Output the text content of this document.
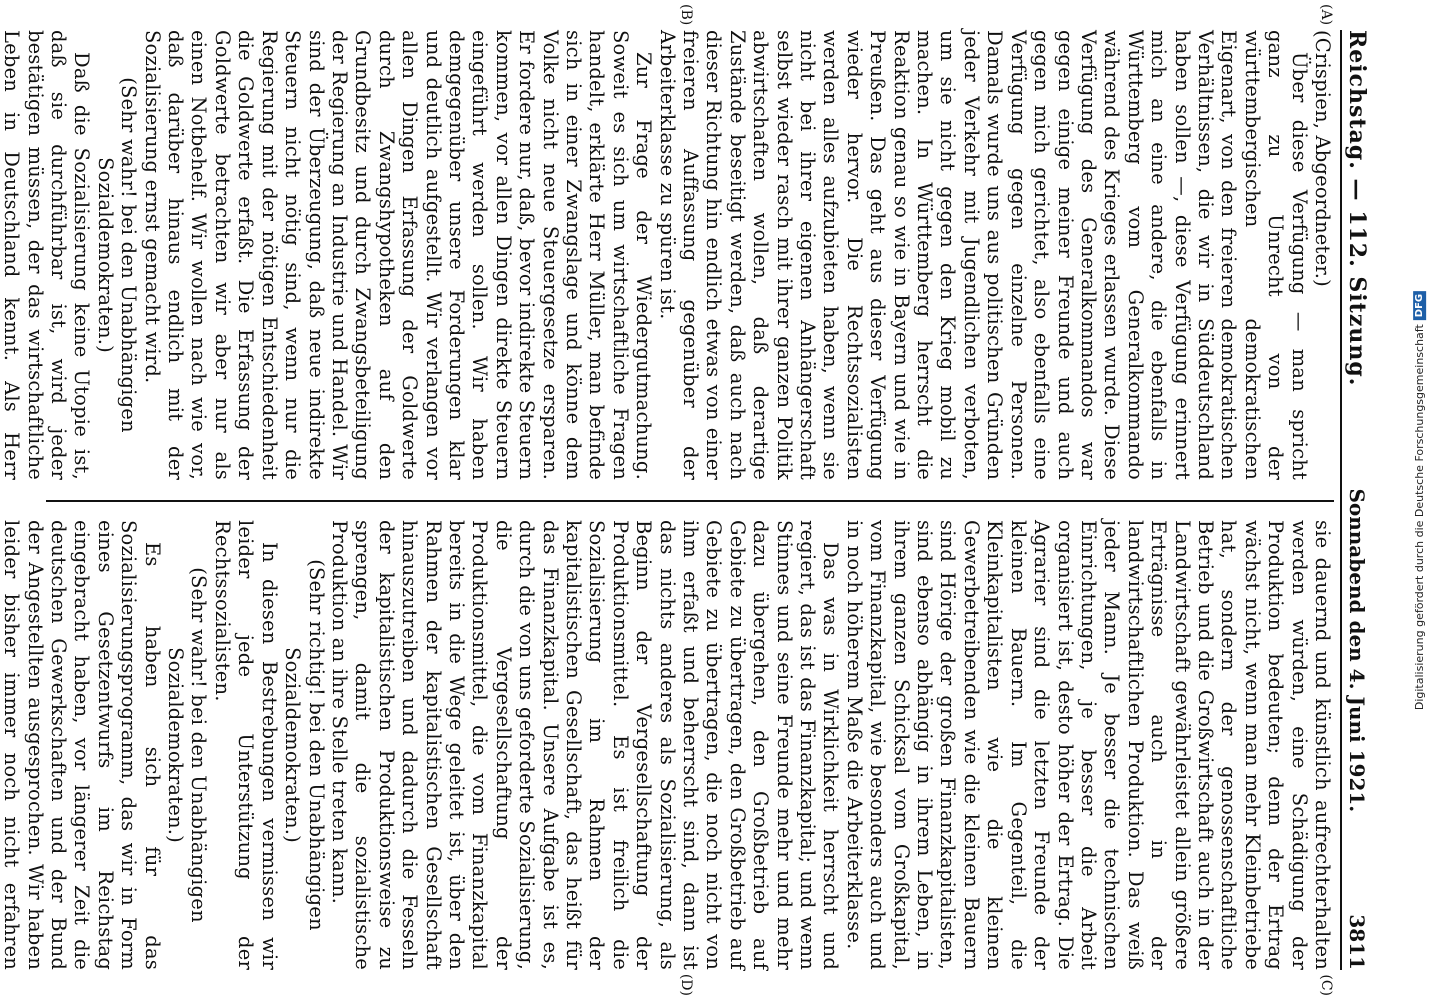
Digitalisierung gefördert durch die Deutsche Forschungsgemeinschaft
DFG
Reichstag. — 112. Sitzung.
Sonnabend den 4. Juni 1921.
3811
(A)
(B)

(Crispien, Abgeordneter.)

Über diese Verfügung — man spricht ganz zu Unrecht von der württembergischen demokratischen Eigenart, von den freieren demokratischen Verhältnissen, die wir in Süddeutschland haben sollen —, diese Verfügung erinnert mich an eine andere, die ebenfalls in Württemberg vom Generalkommando während des Krieges erlassen wurde. Diese Verfügung des Generalkommandos war gegen einige meiner Freunde und auch gegen mich gerichtet, also ebenfalls eine Verfügung gegen einzelne Personen. Damals wurde uns aus politischen Gründen jeder Verkehr mit Jugendlichen verboten, um sie nicht gegen den Krieg mobil zu machen. In Württemberg herrscht die Reaktion genau so wie in Bayern und wie in Preußen. Das geht aus dieser Verfügung wieder hervor. Die Rechtssozialisten werden alles aufzubieten haben, wenn sie nicht bei ihrer eigenen Anhängerschaft selbst wieder rasch mit ihrer ganzen Politik abwirtschaften wollen, daß derartige Zustände beseitigt werden, daß auch nach dieser Richtung hin endlich etwas von einer freieren Auffassung gegenüber der Arbeiterklasse zu spüren ist.

Zur Frage der Wiedergutmachung. Soweit es sich um wirtschaftliche Fragen handelt, erklärte Herr Müller, man befinde sich in einer Zwangslage und könne dem Volke nicht neue Steuergesetze ersparen. Er fordere nur, daß, bevor indirekte Steuern kommen, vor allen Dingen direkte Steuern eingeführt werden sollen. Wir haben demgegenüber unsere Forderungen klar und deutlich aufgestellt. Wir verlangen vor allen Dingen Erfassung der Goldwerte durch Zwangshypotheken auf den Grundbesitz und durch Zwangsbeteiligung der Regierung an Industrie und Handel. Wir sind der Überzeugung, daß neue indirekte Steuern nicht nötig sind, wenn nur die Regierung mit der nötigen Entschiedenheit die Goldwerte erfaßt. Die Erfassung der Goldwerte betrachten wir aber nur als einen Notbehelf. Wir wollen nach wie vor, daß darüber hinaus endlich mit der Sozialisierung ernst gemacht wird.

(Sehr wahr! bei den Unabhängigen Sozialdemokraten.)

Daß die Sozialisierung keine Utopie ist, daß sie durchführbar ist, wird jeder bestätigen müssen, der das wirtschaftliche Leben in Deutschland kennt. Als Herr

(C)
(D)

sie dauernd und künstlich aufrechterhalten werden würden, eine Schädigung der Produktion bedeuten; denn der Ertrag wächst nicht, wenn man mehr Kleinbetriebe hat, sondern der genossenschaftliche Betrieb und die Großwirtschaft auch in der Landwirtschaft gewährleistet allein größere Erträgnisse auch in der landwirtschaftlichen Produktion. Das weiß jeder Mann. Je besser die technischen Einrichtungen, je besser die Arbeit organisiert ist, desto höher der Ertrag. Die Agrarier sind die letzten Freunde der kleinen Bauern. Im Gegenteil, die Kleinkapitalisten wie die kleinen Gewerbetreibenden wie die kleinen Bauern sind Hörige der großen Finanzkapitalisten, sind ebenso abhängig in ihrem Leben, in ihrem ganzen Schicksal vom Großkapital, vom Finanzkapital, wie besonders auch und in noch höherem Maße die Arbeiterklasse.

Das was in Wirklichkeit herrscht und regiert, das ist das Finanzkapital; und wenn Stinnes und seine Freunde mehr und mehr dazu übergehen, den Großbetrieb auf Gebiete zu übertragen, den Großbetrieb auf Gebiete zu übertragen, die noch nicht von ihm erfaßt und beherrscht sind, dann ist das nichts anderes als Sozialisierung, als Beginn der Vergesellschaftung der Produktionsmittel. Es ist freilich die Sozialisierung im Rahmen der kapitalistischen Gesellschaft, das heißt für das Finanzkapital. Unsere Aufgabe ist es, durch die von uns geforderte Sozialisierung, die Vergesellschaftung der Produktionsmittel, die vom Finanzkapital bereits in die Wege geleitet ist, über den Rahmen der kapitalistischen Gesellschaft hinauszutreiben und dadurch die Fesseln der kapitalistischen Produktionsweise zu sprengen, damit die sozialistische Produktion an ihre Stelle treten kann.

(Sehr richtig! bei den Unabhängigen Sozialdemokraten.)

In diesen Bestrebungen vermissen wir leider jede Unterstützung der Rechtssozialisten.

(Sehr wahr! bei den Unabhängigen Sozialdemokraten.)

Es haben sich für das Sozialisierungsprogramm, das wir in Form eines Gesetzentwurfs im Reichstag eingebracht haben, vor längerer Zeit die deutschen Gewerkschaften und der Bund der Angestellten ausgesprochen. Wir haben leider bisher immer noch nicht erfahren
